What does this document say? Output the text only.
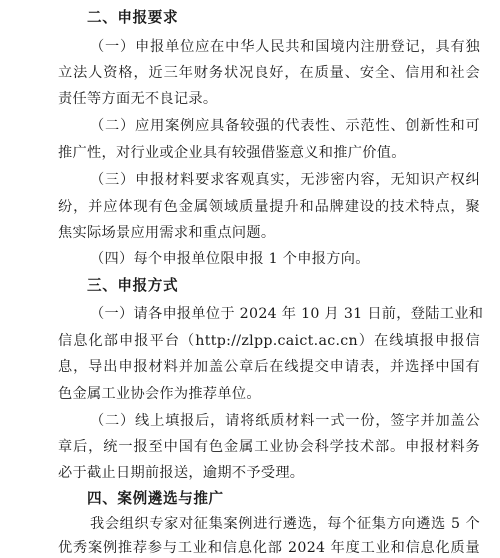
二、申报要求
（一）申报单位应在中华人民共和国境内注册登记，具有独
立法人资格，近三年财务状况良好，在质量、安全、信用和社会
责任等方面无不良记录。
（二）应用案例应具备较强的代表性、示范性、创新性和可
推广性，对行业或企业具有较强借鉴意义和推广价值。
（三）申报材料要求客观真实，无涉密内容，无知识产权纠
纷，并应体现有色金属领域质量提升和品牌建设的技术特点，聚
焦实际场景应用需求和重点问题。
（四）每个申报单位限申报 1 个申报方向。
三、申报方式
（一）请各申报单位于 2024 年 10 月 31 日前，登陆工业和
信息化部申报平台（http://zlpp.caict.ac.cn）在线填报申报信
息，导出申报材料并加盖公章后在线提交申请表，并选择中国有
色金属工业协会作为推荐单位。
（二）线上填报后，请将纸质材料一式一份，签字并加盖公
章后，统一报至中国有色金属工业协会科学技术部。申报材料务
必于截止日期前报送，逾期不予受理。
四、案例遴选与推广
我会组织专家对征集案例进行遴选，每个征集方向遴选 5 个
优秀案例推荐参与工业和信息化部 2024 年度工业和信息化质量
